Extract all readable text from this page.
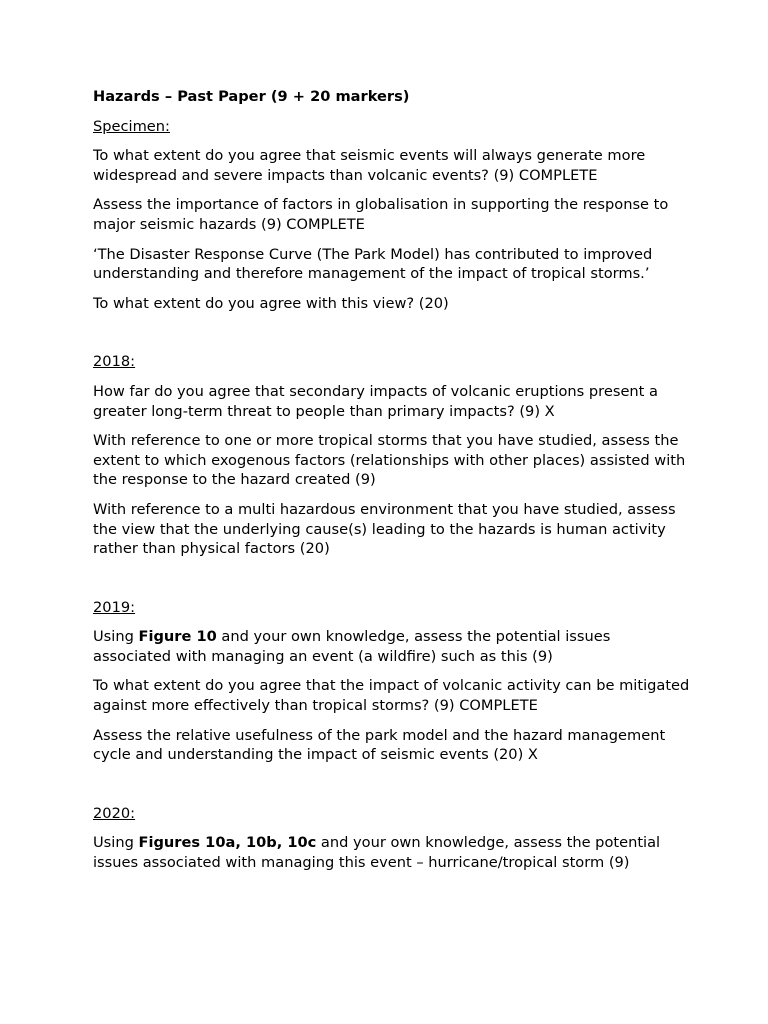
Hazards – Past Paper (9 + 20 markers)

Specimen:

To what extent do you agree that seismic events will always generate more widespread and severe impacts than volcanic events? (9) COMPLETE

Assess the importance of factors in globalisation in supporting the response to major seismic hazards (9) COMPLETE

‘The Disaster Response Curve (The Park Model) has contributed to improved understanding and therefore management of the impact of tropical storms.’

To what extent do you agree with this view? (20)

2018:

How far do you agree that secondary impacts of volcanic eruptions present a greater long-term threat to people than primary impacts? (9) X

With reference to one or more tropical storms that you have studied, assess the extent to which exogenous factors (relationships with other places) assisted with the response to the hazard created (9)

With reference to a multi hazardous environment that you have studied, assess the view that the underlying cause(s) leading to the hazards is human activity rather than physical factors (20)

2019:

Using Figure 10 and your own knowledge, assess the potential issues associated with managing an event (a wildfire) such as this (9)

To what extent do you agree that the impact of volcanic activity can be mitigated against more effectively than tropical storms? (9) COMPLETE

Assess the relative usefulness of the park model and the hazard management cycle and understanding the impact of seismic events (20) X

2020:

Using Figures 10a, 10b, 10c and your own knowledge, assess the potential issues associated with managing this event – hurricane/tropical storm (9)
